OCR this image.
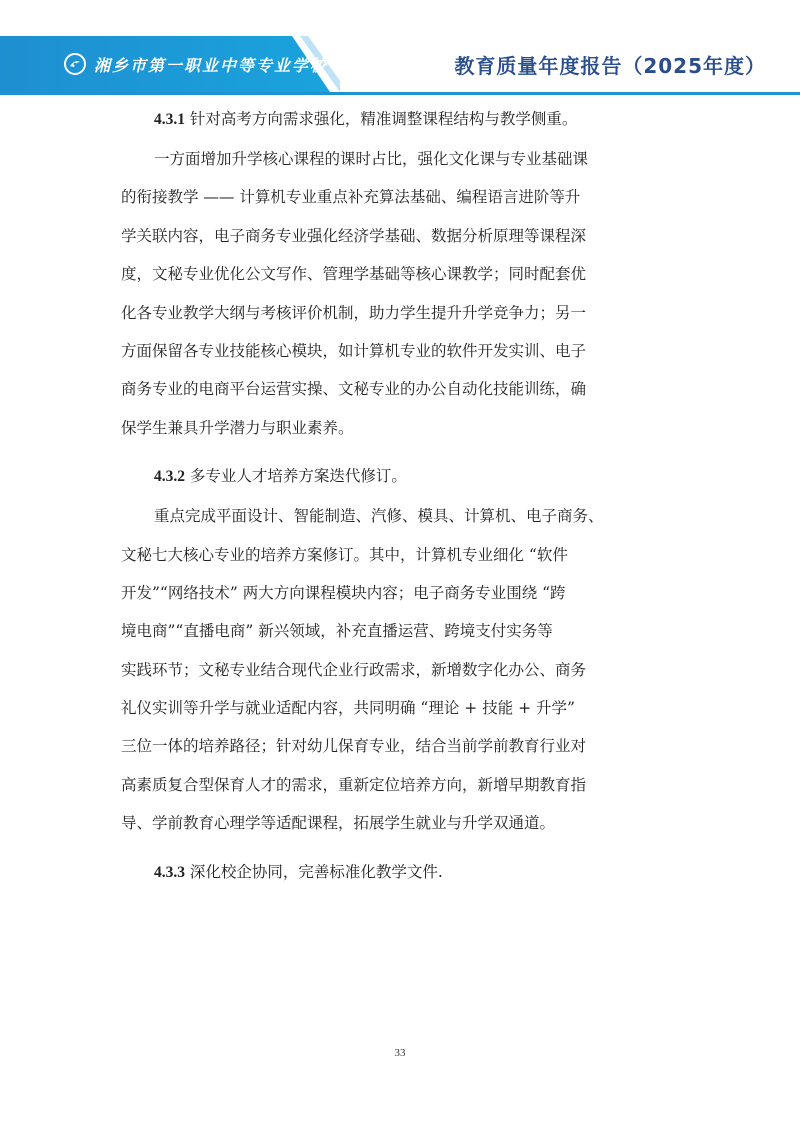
湘乡市第一职业中等专业学校	教育质量年度报告（2025年度）
4.3.1 针对高考方向需求强化，精准调整课程结构与教学侧重。
一方面增加升学核心课程的课时占比，强化文化课与专业基础课
的衔接教学 —— 计算机专业重点补充算法基础、编程语言进阶等升
学关联内容，电子商务专业强化经济学基础、数据分析原理等课程深
度，文秘专业优化公文写作、管理学基础等核心课教学；同时配套优
化各专业教学大纲与考核评价机制，助力学生提升升学竞争力；另一
方面保留各专业技能核心模块，如计算机专业的软件开发实训、电子
商务专业的电商平台运营实操、文秘专业的办公自动化技能训练，确
保学生兼具升学潜力与职业素养。
4.3.2 多专业人才培养方案迭代修订。
重点完成平面设计、智能制造、汽修、模具、计算机、电子商务、
文秘七大核心专业的培养方案修订。其中，计算机专业细化 “软件
开发”“网络技术” 两大方向课程模块内容；电子商务专业围绕 “跨
境电商”“直播电商” 新兴领域，补充直播运营、跨境支付实务等
实践环节；文秘专业结合现代企业行政需求，新增数字化办公、商务
礼仪实训等升学与就业适配内容，共同明确 “理论 + 技能 + 升学”
三位一体的培养路径；针对幼儿保育专业，结合当前学前教育行业对
高素质复合型保育人才的需求，重新定位培养方向，新增早期教育指
导、学前教育心理学等适配课程，拓展学生就业与升学双通道。
4.3.3 深化校企协同，完善标准化教学文件.
33
